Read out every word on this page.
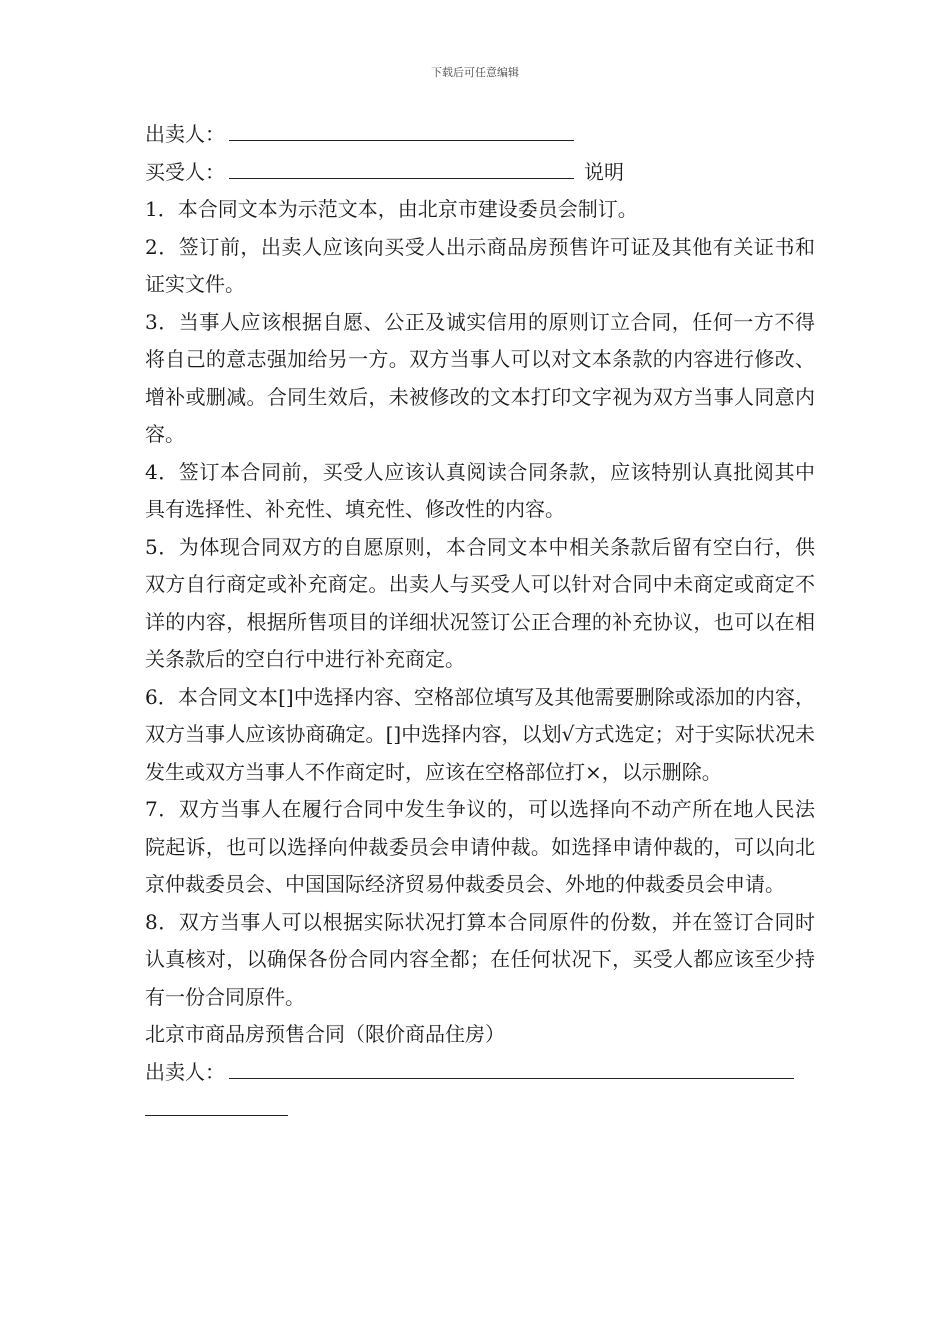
下载后可任意编辑

出卖人：

买受人：	说明

1．本合同文本为示范文本，由北京市建设委员会制订。

2．签订前，出卖人应该向买受人出示商品房预售许可证及其他有关证书和证实文件。

3．当事人应该根据自愿、公正及诚实信用的原则订立合同，任何一方不得将自己的意志强加给另一方。双方当事人可以对文本条款的内容进行修改、增补或删减。合同生效后，未被修改的文本打印文字视为双方当事人同意内容。

4．签订本合同前，买受人应该认真阅读合同条款，应该特别认真批阅其中具有选择性、补充性、填充性、修改性的内容。

5．为体现合同双方的自愿原则，本合同文本中相关条款后留有空白行，供双方自行商定或补充商定。出卖人与买受人可以针对合同中未商定或商定不详的内容，根据所售项目的详细状况签订公正合理的补充协议，也可以在相关条款后的空白行中进行补充商定。

6．本合同文本[]中选择内容、空格部位填写及其他需要删除或添加的内容，双方当事人应该协商确定。[]中选择内容，以划√方式选定；对于实际状况未发生或双方当事人不作商定时，应该在空格部位打×，以示删除。

7．双方当事人在履行合同中发生争议的，可以选择向不动产所在地人民法院起诉，也可以选择向仲裁委员会申请仲裁。如选择申请仲裁的，可以向北京仲裁委员会、中国国际经济贸易仲裁委员会、外地的仲裁委员会申请。

8．双方当事人可以根据实际状况打算本合同原件的份数，并在签订合同时认真核对，以确保各份合同内容全都；在任何状况下，买受人都应该至少持有一份合同原件。

北京市商品房预售合同（限价商品住房）

出卖人：
